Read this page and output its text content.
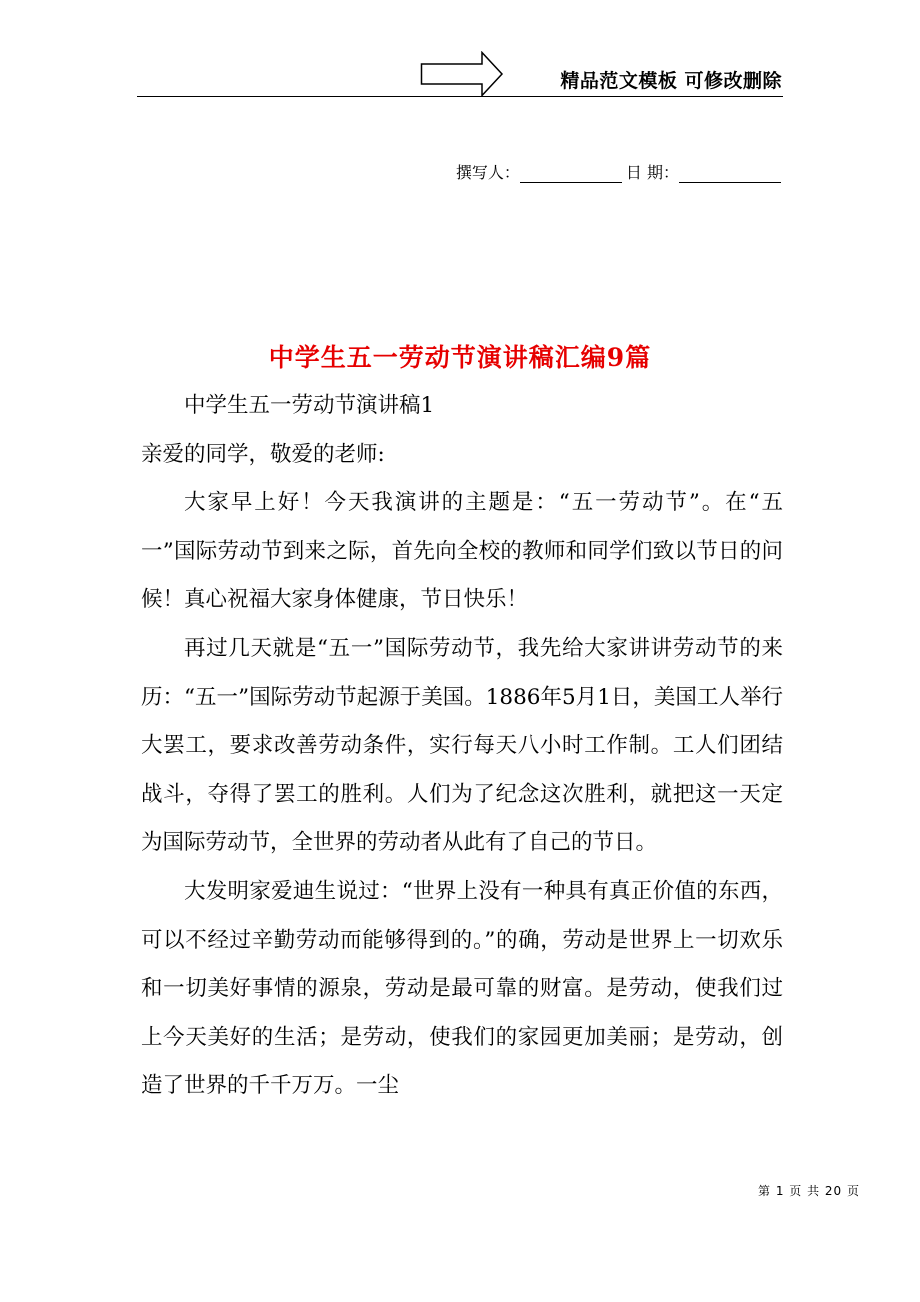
精品范文模板 可修改删除
撰写人：	日 期：
中学生五一劳动节演讲稿汇编9篇

中学生五一劳动节演讲稿1

亲爱的同学，敬爱的老师:

大家早上好！今天我演讲的主题是：“五一劳动节”。在“五一”国际劳动节到来之际，首先向全校的教师和同学们致以节日的问候！真心祝福大家身体健康，节日快乐！

再过几天就是“五一”国际劳动节，我先给大家讲讲劳动节的来历：“五一”国际劳动节起源于美国。1886年5月1日，美国工人举行大罢工，要求改善劳动条件，实行每天八小时工作制。工人们团结战斗，夺得了罢工的胜利。人们为了纪念这次胜利，就把这一天定为国际劳动节，全世界的劳动者从此有了自己的节日。

大发明家爱迪生说过：“世界上没有一种具有真正价值的东西，可以不经过辛勤劳动而能够得到的。”的确，劳动是世界上一切欢乐和一切美好事情的源泉，劳动是最可靠的财富。是劳动，使我们过上今天美好的生活；是劳动，使我们的家园更加美丽；是劳动，创造了世界的千千万万。一尘

第 1 页 共 20 页
